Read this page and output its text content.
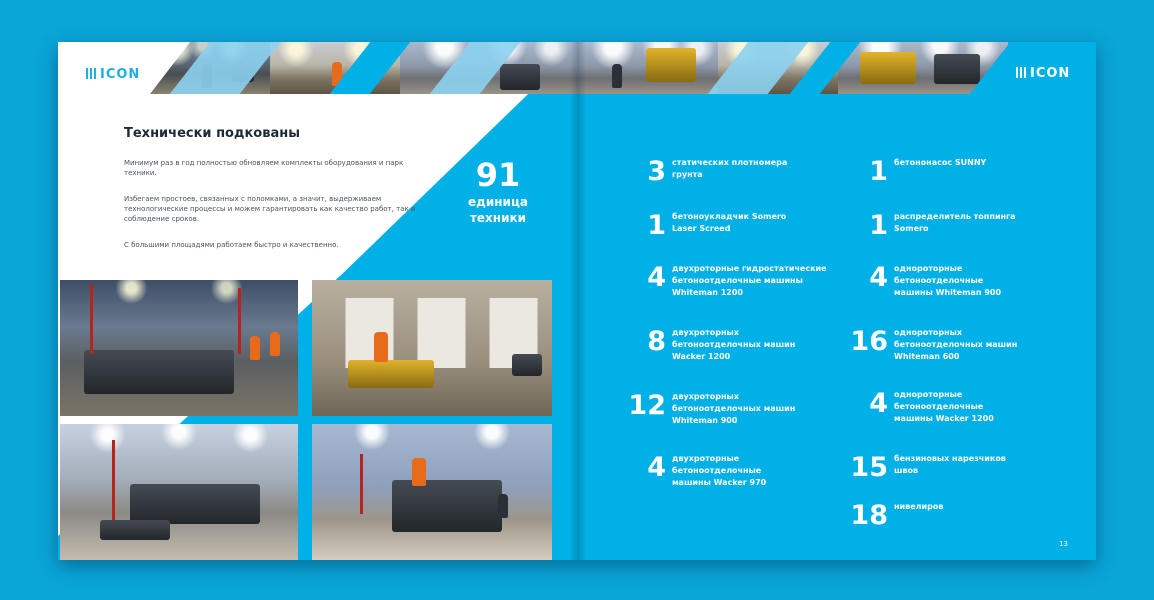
ICON
Технически подкованы
Минимум раз в год полностью обновляем комплекты оборудования и парк техники.
Избегаем простоев, связанных с поломками, а значит, выдерживаем технологические процессы и можем гарантировать как качество работ, так и соблюдение сроков.
С большими площадями работаем быстро и качественно.
91
единица
техники
ICON
3 статических плотномера
грунта
1 бетоноукладчик Somero
Laser Screed
4 двухроторные гидростатические
бетоноотделочные машины
Whiteman 1200
8 двухроторных
бетоноотделочных машин
Wacker 1200
12 двухроторных
бетоноотделочных машин
Whiteman 900
4 двухроторные
бетоноотделочные
машины Wacker 970
1 бетононасос SUNNY
1 распределитель топпинга
Somero
4 однороторные
бетоноотделочные
машины Whiteman 900
16 однороторных
бетоноотделочных машин
Whiteman 600
4 однороторные
бетоноотделочные
машины Wacker 1200
15 бензиновых нарезчиков
швов
18 нивелиров
13
